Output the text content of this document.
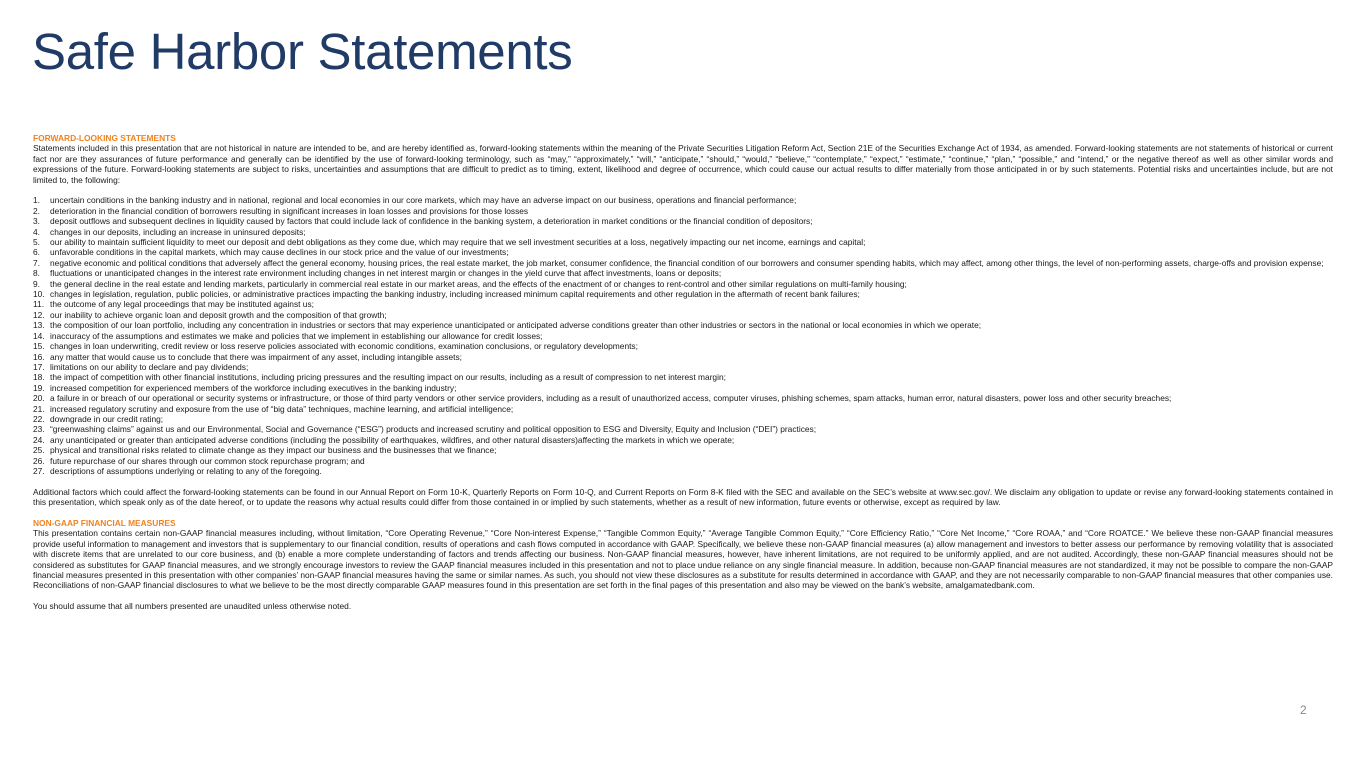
Safe Harbor Statements

FORWARD-LOOKING STATEMENTS

Statements included in this presentation that are not historical in nature are intended to be, and are hereby identified as, forward-looking statements within the meaning of the Private Securities Litigation Reform Act, Section 21E of the Securities Exchange Act of 1934, as amended. Forward-looking statements are not statements of historical or current fact nor are they assurances of future performance and generally can be identified by the use of forward-looking terminology, such as “may,” “approximately,” “will,” “anticipate,” “should,” “would,” “believe,” “contemplate,” “expect,” “estimate,” “continue,” “plan,” “possible,” and “intend,” or the negative thereof as well as other similar words and expressions of the future. Forward-looking statements are subject to risks, uncertainties and assumptions that are difficult to predict as to timing, extent, likelihood and degree of occurrence, which could cause our actual results to differ materially from those anticipated in or by such statements. Potential risks and uncertainties include, but are not limited to, the following:

1.	uncertain conditions in the banking industry and in national, regional and local economies in our core markets, which may have an adverse impact on our business, operations and financial performance;
2.	deterioration in the financial condition of borrowers resulting in significant increases in loan losses and provisions for those losses
3.	deposit outflows and subsequent declines in liquidity caused by factors that could include lack of confidence in the banking system, a deterioration in market conditions or the financial condition of depositors;
4.	changes in our deposits, including an increase in uninsured deposits;
5.	our ability to maintain sufficient liquidity to meet our deposit and debt obligations as they come due, which may require that we sell investment securities at a loss, negatively impacting our net income, earnings and capital;
6.	unfavorable conditions in the capital markets, which may cause declines in our stock price and the value of our investments;
7.	negative economic and political conditions that adversely affect the general economy, housing prices, the real estate market, the job market, consumer confidence, the financial condition of our borrowers and consumer spending habits, which may affect, among other things, the level of non-performing assets, charge-offs and provision expense;
8.	fluctuations or unanticipated changes in the interest rate environment including changes in net interest margin or changes in the yield curve that affect investments, loans or deposits;
9.	the general decline in the real estate and lending markets, particularly in commercial real estate in our market areas, and the effects of the enactment of or changes to rent-control and other similar regulations on multi-family housing;
10. changes in legislation, regulation, public policies, or administrative practices impacting the banking industry, including increased minimum capital requirements and other regulation in the aftermath of recent bank failures;
11. the outcome of any legal proceedings that may be instituted against us;
12. our inability to achieve organic loan and deposit growth and the composition of that growth;
13. the composition of our loan portfolio, including any concentration in industries or sectors that may experience unanticipated or anticipated adverse conditions greater than other industries or sectors in the national or local economies in which we operate;
14. inaccuracy of the assumptions and estimates we make and policies that we implement in establishing our allowance for credit losses;
15. changes in loan underwriting, credit review or loss reserve policies associated with economic conditions, examination conclusions, or regulatory developments;
16. any matter that would cause us to conclude that there was impairment of any asset, including intangible assets;
17. limitations on our ability to declare and pay dividends;
18. the impact of competition with other financial institutions, including pricing pressures and the resulting impact on our results, including as a result of compression to net interest margin;
19. increased competition for experienced members of the workforce including executives in the banking industry;
20. a failure in or breach of our operational or security systems or infrastructure, or those of third party vendors or other service providers, including as a result of unauthorized access, computer viruses, phishing schemes, spam attacks, human error, natural disasters, power loss and other security breaches;
21. increased regulatory scrutiny and exposure from the use of “big data” techniques, machine learning, and artificial intelligence;
22. downgrade in our credit rating;
23. “greenwashing claims” against us and our Environmental, Social and Governance (“ESG”) products and increased scrutiny and political opposition to ESG and Diversity, Equity and Inclusion (“DEI”) practices;
24. any unanticipated or greater than anticipated adverse conditions (including the possibility of earthquakes, wildfires, and other natural disasters)affecting the markets in which we operate;
25. physical and transitional risks related to climate change as they impact our business and the businesses that we finance;
26. future repurchase of our shares through our common stock repurchase program; and
27. descriptions of assumptions underlying or relating to any of the foregoing.

Additional factors which could affect the forward-looking statements can be found in our Annual Report on Form 10-K, Quarterly Reports on Form 10-Q, and Current Reports on Form 8-K filed with the SEC and available on the SEC’s website at www.sec.gov/. We disclaim any obligation to update or revise any forward-looking statements contained in this presentation, which speak only as of the date hereof, or to update the reasons why actual results could differ from those contained in or implied by such statements, whether as a result of new information, future events or otherwise, except as required by law.

NON-GAAP FINANCIAL MEASURES

This presentation contains certain non-GAAP financial measures including, without limitation, “Core Operating Revenue,” “Core Non-interest Expense,” “Tangible Common Equity,” “Average Tangible Common Equity,” “Core Efficiency Ratio,” “Core Net Income,” “Core ROAA,” and “Core ROATCE.” We believe these non-GAAP financial measures provide useful information to management and investors that is supplementary to our financial condition, results of operations and cash flows computed in accordance with GAAP. Specifically, we believe these non-GAAP financial measures (a) allow management and investors to better assess our performance by removing volatility that is associated with discrete items that are unrelated to our core business, and (b) enable a more complete understanding of factors and trends affecting our business. Non-GAAP financial measures, however, have inherent limitations, are not required to be uniformly applied, and are not audited. Accordingly, these non-GAAP financial measures should not be considered as substitutes for GAAP financial measures, and we strongly encourage investors to review the GAAP financial measures included in this presentation and not to place undue reliance on any single financial measure. In addition, because non-GAAP financial measures are not standardized, it may not be possible to compare the non-GAAP financial measures presented in this presentation with other companies’ non-GAAP financial measures having the same or similar names. As such, you should not view these disclosures as a substitute for results determined in accordance with GAAP, and they are not necessarily comparable to non-GAAP financial measures that other companies use. Reconciliations of non-GAAP financial disclosures to what we believe to be the most directly comparable GAAP measures found in this presentation are set forth in the final pages of this presentation and also may be viewed on the bank’s website, amalgamatedbank.com.

You should assume that all numbers presented are unaudited unless otherwise noted.

2
